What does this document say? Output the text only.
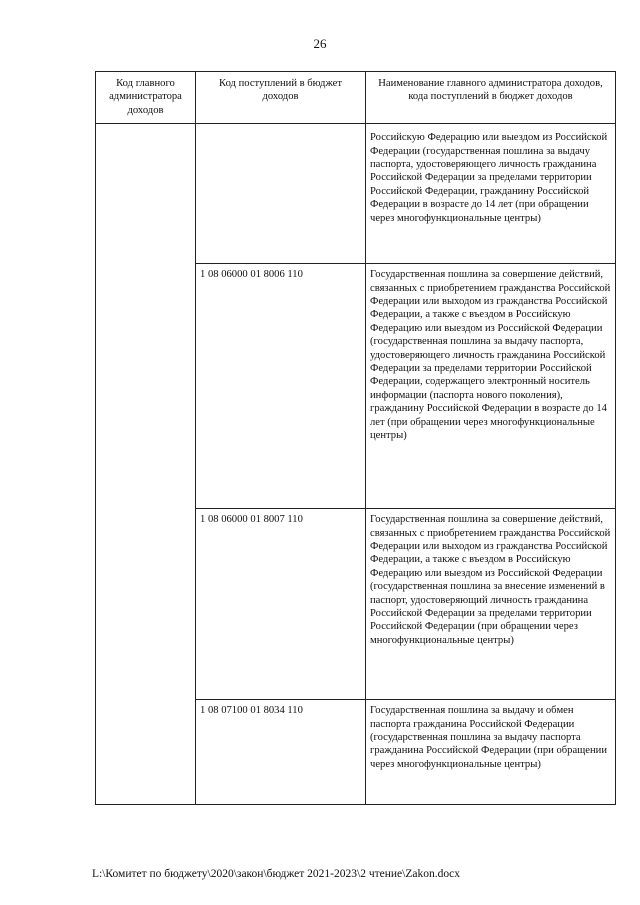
26
Код главного администратора доходов	Код поступлений в бюджет доходов	Наименование главного администратора доходов, кода поступлений в бюджет доходов
		Российскую Федерацию или выездом из Российской Федерации (государственная пошлина за выдачу паспорта, удостоверяющего личность гражданина Российской Федерации за пределами территории Российской Федерации, гражданину Российской Федерации в возрасте до 14 лет (при обращении через многофункциональные центры)
	1 08 06000 01 8006 110	Государственная пошлина за совершение действий, связанных с приобретением гражданства Российской Федерации или выходом из гражданства Российской Федерации, а также с въездом в Российскую Федерацию или выездом из Российской Федерации (государственная пошлина за выдачу паспорта, удостоверяющего личность гражданина Российской Федерации за пределами территории Российской Федерации, содержащего электронный носитель информации (паспорта нового поколения), гражданину Российской Федерации в возрасте до 14 лет (при обращении через многофункциональные центры)
	1 08 06000 01 8007 110	Государственная пошлина за совершение действий, связанных с приобретением гражданства Российской Федерации или выходом из гражданства Российской Федерации, а также с въездом в Российскую Федерацию или выездом из Российской Федерации (государственная пошлина за внесение изменений в паспорт, удостоверяющий личность гражданина Российской Федерации за пределами территории Российской Федерации (при обращении через многофункциональные центры)
	1 08 07100 01 8034 110	Государственная пошлина за выдачу и обмен паспорта гражданина Российской Федерации (государственная пошлина за выдачу паспорта гражданина Российской Федерации (при обращении через многофункциональные центры)
L:\Комитет по бюджету\2020\закон\бюджет 2021-2023\2 чтение\Zakon.docx
